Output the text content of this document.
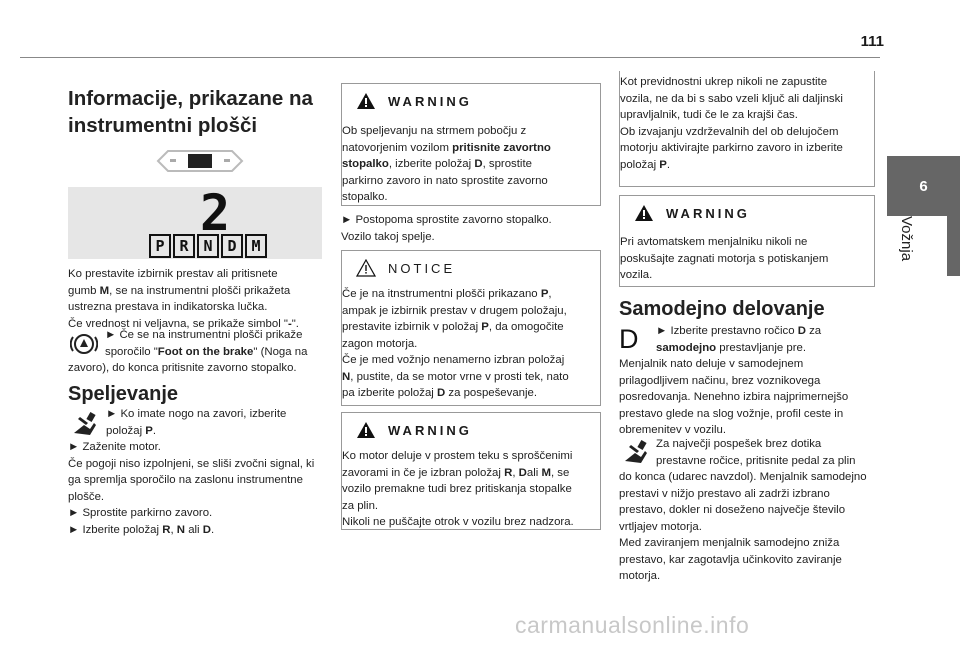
111
6
Vožnja
Informacije, prikazane na
instrumentni plošči
2
P R N D M
Ko prestavite izbirnik prestav ali pritisnete
gumb M, se na instrumentni plošči prikažeta
ustrezna prestava in indikatorska lučka.
Če vrednost ni veljavna, se prikaže simbol "-".
► Če se na instrumentni plošči prikaže
sporočilo "Foot on the brake" (Noga na
zavoro), do konca pritisnite zavorno stopalko.
Speljevanje
► Ko imate nogo na zavori, izberite
položaj P.
► Zaženite motor.
Če pogoji niso izpolnjeni, se sliši zvočni signal, ki
ga spremlja sporočilo na zaslonu instrumentne
plošče.
► Sprostite parkirno zavoro.
► Izberite položaj R, N ali D.
WARNING
Ob speljevanju na strmem pobočju z
natovorjenim vozilom pritisnite zavortno
stopalko, izberite položaj D, sprostite
parkirno zavoro in nato sprostite zavorno
stopalko.
► Postopoma sprostite zavorno stopalko.
Vozilo takoj spelje.
NOTICE
Če je na itnstrumentni plošči prikazano P,
ampak je izbirnik prestav v drugem položaju,
prestavite izbirnik v položaj P, da omogočite
zagon motorja.
Če je med vožnjo nenamerno izbran položaj
N, pustite, da se motor vrne v prosti tek, nato
pa izberite položaj D za pospeševanje.
WARNING
Ko motor deluje v prostem teku s sproščenimi
zavorami in če je izbran položaj R, Dali M, se
vozilo premakne tudi brez pritiskanja stopalke
za plin.
Nikoli ne puščajte otrok v vozilu brez nadzora.
Kot previdnostni ukrep nikoli ne zapustite
vozila, ne da bi s sabo vzeli ključ ali daljinski
upravljalnik, tudi če le za krajši čas.
Ob izvajanju vzdrževalnih del ob delujočem
motorju aktivirajte parkirno zavoro in izberite
položaj P.
WARNING
Pri avtomatskem menjalniku nikoli ne
poskušajte zagnati motorja s potiskanjem
vozila.
Samodejno delovanje
D	► Izberite prestavno ročico D za
samodejno prestavljanje pre.
Menjalnik nato deluje v samodejnem
prilagodljivem načinu, brez voznikovega
posredovanja. Nenehno izbira najprimernejšo
prestavo glede na slog vožnje, profil ceste in
obremenitev v vozilu.
Za največji pospešek brez dotika
prestavne ročice, pritisnite pedal za plin
do konca (udarec navzdol). Menjalnik samodejno
prestavi v nižjo prestavo ali zadrži izbrano
prestavo, dokler ni doseženo največje število
vrtljajev motorja.
Med zaviranjem menjalnik samodejno zniža
prestavo, kar zagotavlja učinkovito zaviranje
motorja.
carmanualsonline.info
